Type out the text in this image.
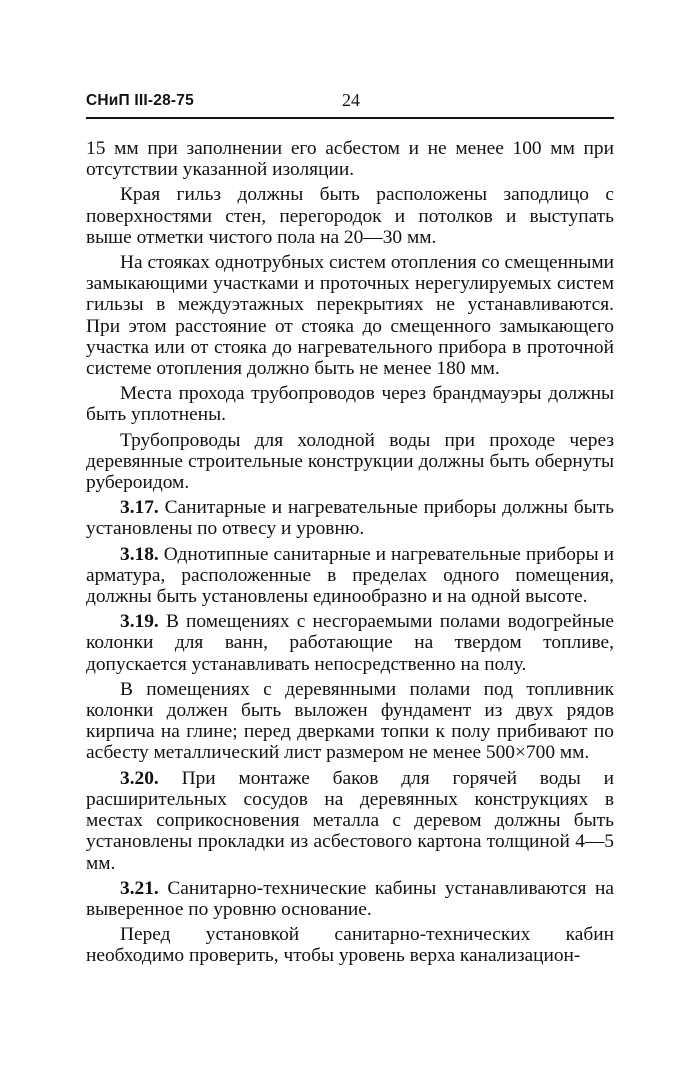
СНиП III-28-75	24

15 мм при заполнении его асбестом и не менее 100 мм при отсутствии указанной изоляции.

Края гильз должны быть расположены заподлицо с поверхностями стен, перегородок и потолков и выступать выше отметки чистого пола на 20—30 мм.

На стояках однотрубных систем отопления со смещенными замыкающими участками и проточных нерегулируемых систем гильзы в междуэтажных перекрытиях не устанавливаются. При этом расстояние от стояка до смещенного замыкающего участка или от стояка до нагревательного прибора в проточной системе отопления должно быть не менее 180 мм.

Места прохода трубопроводов через брандмауэры должны быть уплотнены.

Трубопроводы для холодной воды при проходе через деревянные строительные конструкции должны быть обернуты рубероидом.

3.17. Санитарные и нагревательные приборы должны быть установлены по отвесу и уровню.

3.18. Однотипные санитарные и нагревательные приборы и арматура, расположенные в пределах одного помещения, должны быть установлены единообразно и на одной высоте.

3.19. В помещениях с несгораемыми полами водогрейные колонки для ванн, работающие на твердом топливе, допускается устанавливать непосредственно на полу.

В помещениях с деревянными полами под топливник колонки должен быть выложен фундамент из двух рядов кирпича на глине; перед дверками топки к полу прибивают по асбесту металлический лист размером не менее 500×700 мм.

3.20. При монтаже баков для горячей воды и расширительных сосудов на деревянных конструкциях в местах соприкосновения металла с деревом должны быть установлены прокладки из асбестового картона толщиной 4—5 мм.

3.21. Санитарно-технические кабины устанавливаются на выверенное по уровню основание.

Перед установкой санитарно-технических кабин необходимо проверить, чтобы уровень верха канализацион-
